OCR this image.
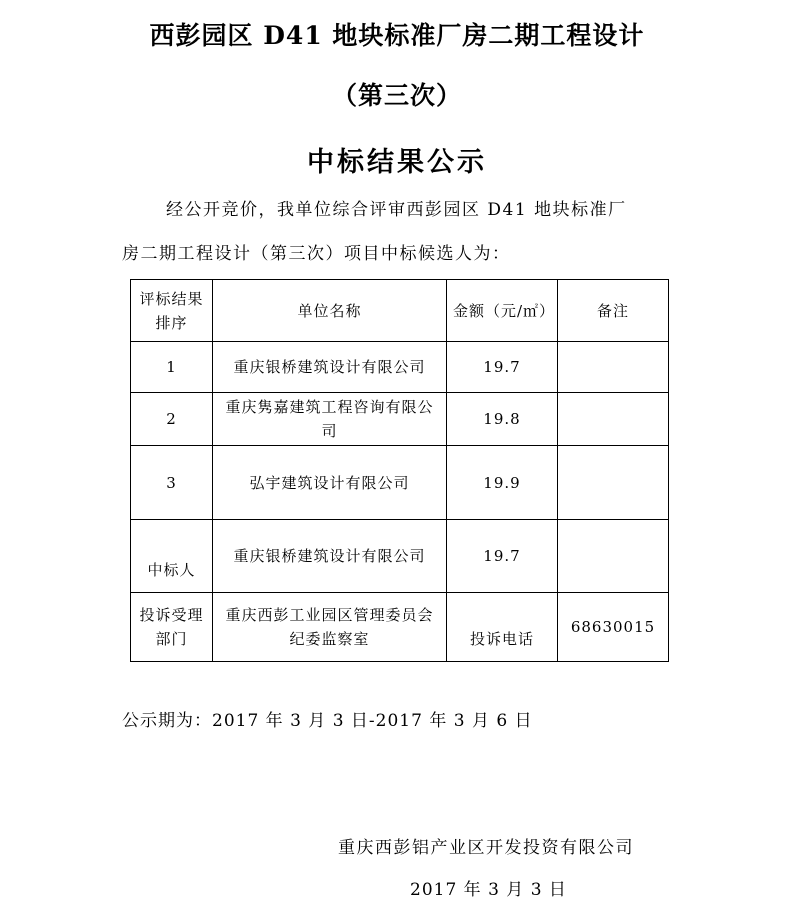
西彭园区 D41 地块标准厂房二期工程设计
（第三次）
中标结果公示
经公开竞价，我单位综合评审西彭园区 D41 地块标准厂
房二期工程设计（第三次）项目中标候选人为：
评标结果排序	单位名称	金额（元/㎡）	备注
1	重庆银桥建筑设计有限公司	19.7	
2	重庆隽嘉建筑工程咨询有限公司	19.8	
3	弘宇建筑设计有限公司	19.9	
中标人	重庆银桥建筑设计有限公司	19.7	
投诉受理部门	重庆西彭工业园区管理委员会纪委监察室	投诉电话	68630015
公示期为：2017 年 3 月 3 日-2017 年 3 月 6 日
重庆西彭铝产业区开发投资有限公司
2017 年 3 月 3 日
